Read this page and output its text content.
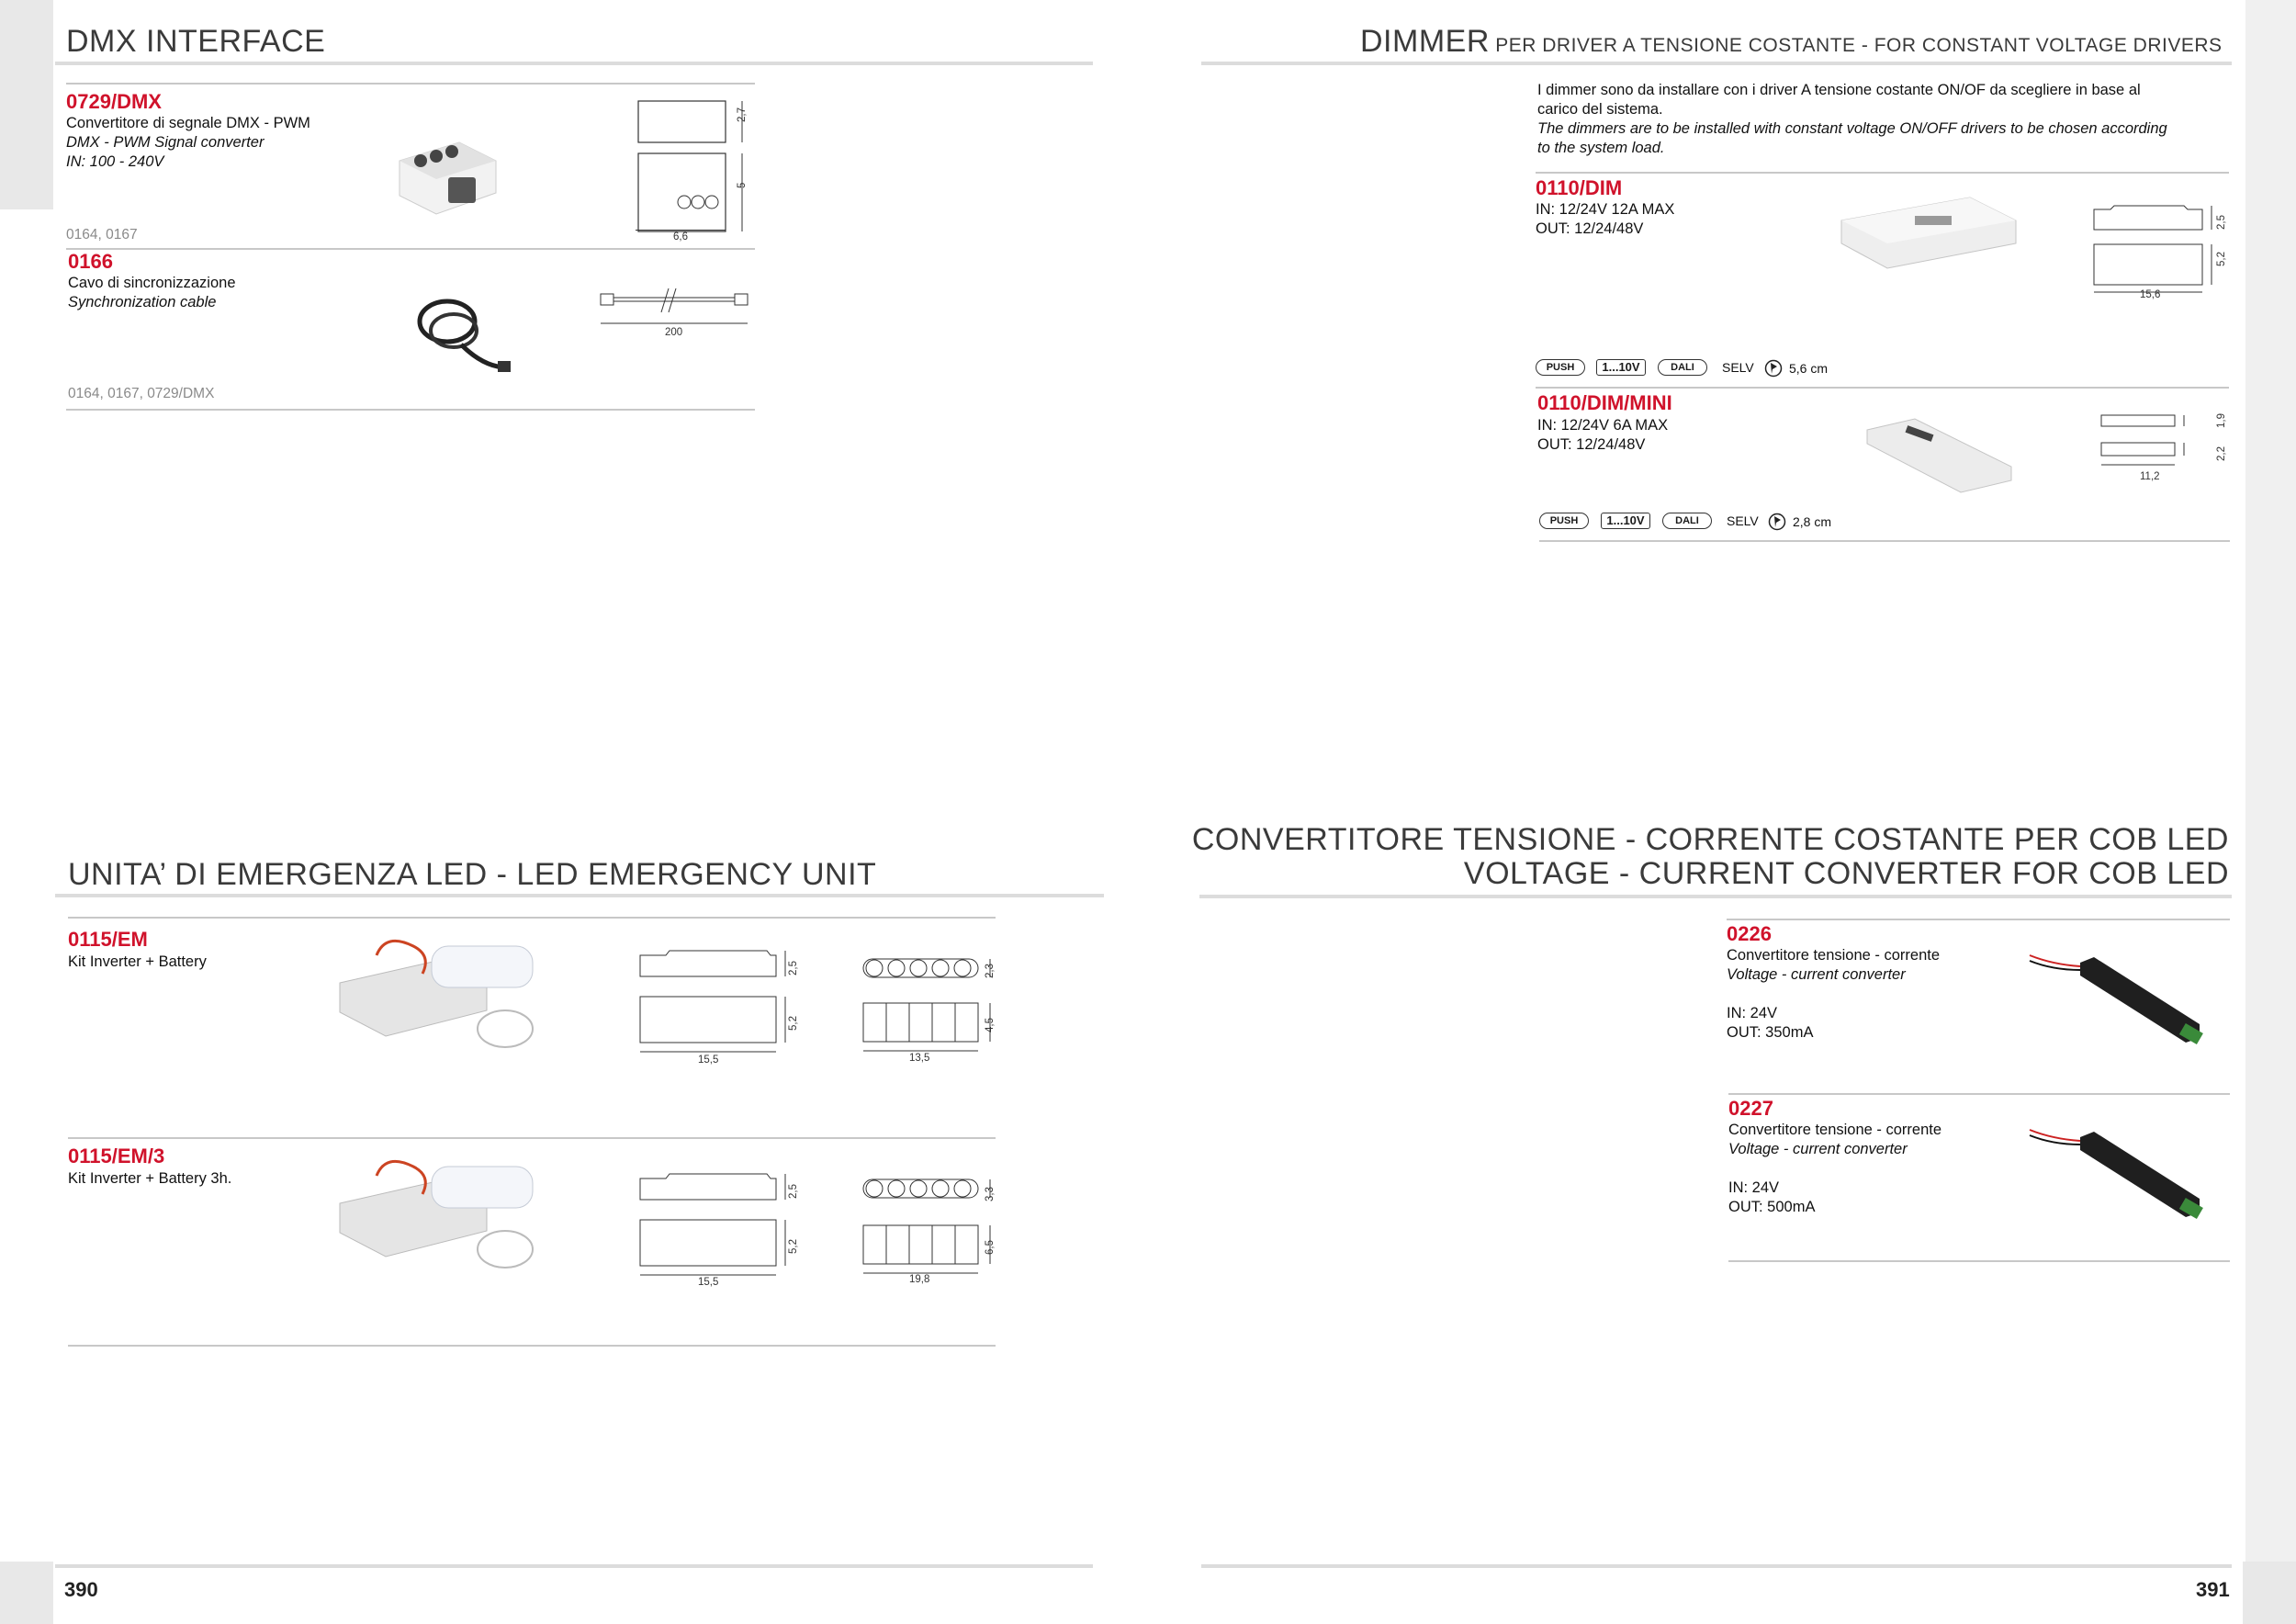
DMX INTERFACE
0729/DMX
Convertitore di segnale DMX - PWM
DMX - PWM Signal converter
IN: 100 - 240V
2,7
5
6,6
0164, 0167
0166
Cavo di sincronizzazione
Synchronization cable
200
0164, 0167, 0729/DMX
UNITA’ DI EMERGENZA LED - LED EMERGENCY UNIT
0115/EM
Kit Inverter + Battery	2,5
5,2
15,5
2,3
4,5
13,5
0115/EM/3
Kit Inverter + Battery 3h.
2,5
5,2
15,5
3,3
6,5
19,8
390
DIMMER PER DRIVER A TENSIONE COSTANTE - FOR CONSTANT VOLTAGE DRIVERS
I dimmer sono da installare con i driver A tensione costante ON/OF da scegliere in base al
carico del sistema.
The dimmers are to be installed with constant voltage ON/OFF drivers to be chosen according
to the system load.
0110/DIM
IN: 12/24V 12A MAX
OUT: 12/24/48V	2,5
5,2
15,6
PUSH	1...10V	DALI	SELV	5,6 cm
0110/DIM/MINI
IN: 12/24V 6A MAX
OUT: 12/24/48V
1,9
2,2
11,2
PUSH	1...10V	DALI	SELV	2,8 cm
CONVERTITORE TENSIONE - CORRENTE COSTANTE PER COB LED
VOLTAGE - CURRENT CONVERTER FOR COB LED
0226
Convertitore tensione - corrente
Voltage - current converter

IN: 24V
OUT: 350mA
0227
Convertitore tensione - corrente
Voltage - current converter

IN: 24V
OUT: 500mA
391
